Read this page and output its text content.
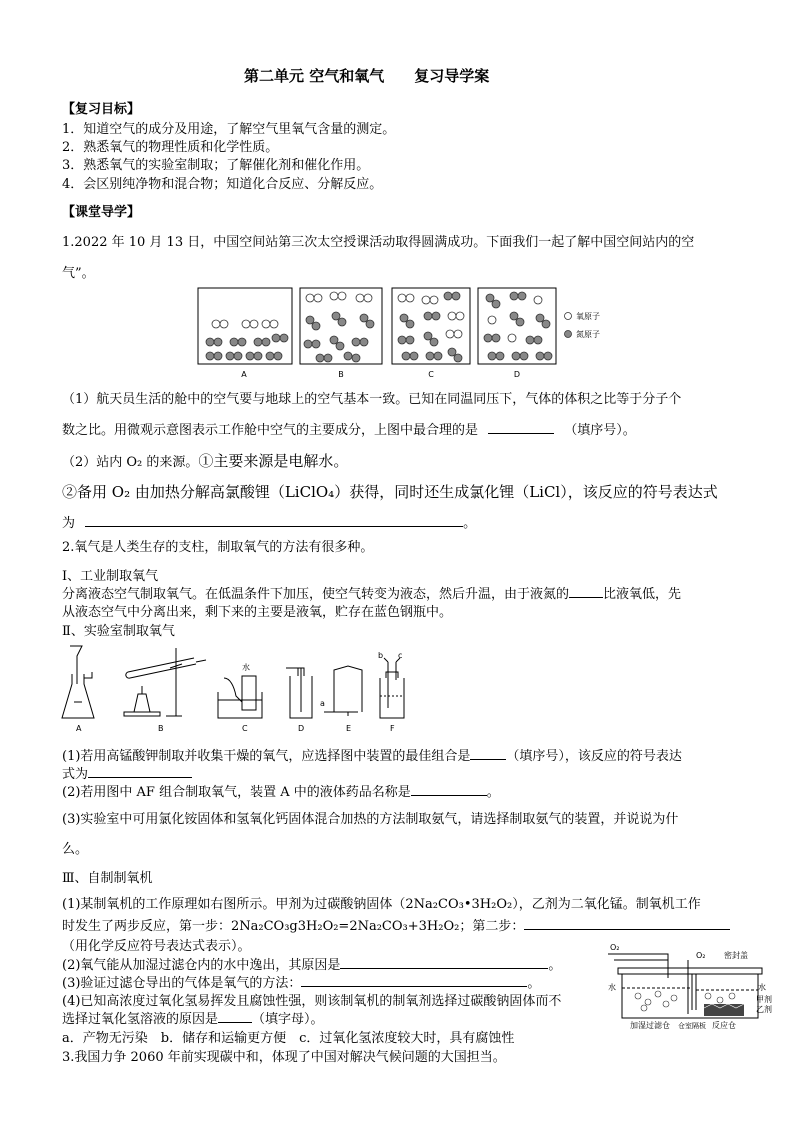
第二单元 空气和氧气　　复习导学案
【复习目标】
1．知道空气的成分及用途，了解空气里氧气含量的测定。
2．熟悉氧气的物理性质和化学性质。
3．熟悉氧气的实验室制取；了解催化剂和催化作用。
4．会区别纯净物和混合物；知道化合反应、分解反应。
【课堂导学】
1.2022 年 10 月 13 日，中国空间站第三次太空授课活动取得圆满成功。下面我们一起了解中国空间站内的空
气”。
A	B	C	D
氧原子
氮原子
（1）航天员生活的舱中的空气要与地球上的空气基本一致。已知在同温同压下，气体的体积之比等于分子个
数之比。用微观示意图表示工作舱中空气的主要成分，上图中最合理的是	（填序号）。
（2）站内 O₂ 的来源。①主要来源是电解水。
②备用 O₂ 由加热分解高氯酸锂（LiClO₄）获得，同时还生成氯化锂（LiCl），该反应的符号表达式
为	。
2.氧气是人类生存的支柱，制取氧气的方法有很多种。
Ⅰ、工业制取氧气
分离液态空气制取氧气。在低温条件下加压，使空气转变为液态，然后升温，由于液氮的	比液氧低，先
从液态空气中分离出来，剩下来的主要是液氧，贮存在蓝色钢瓶中。
Ⅱ、实验室制取氧气
水
a
b c
A	B	C	D	E	F
(1)若用高锰酸钾制取并收集干燥的氧气，应选择图中装置的最佳组合是	（填序号），该反应的符号表达
式为
(2)若用图中 AF 组合制取氧气，装置 A 中的液体药品名称是	。
(3)实验室中可用氯化铵固体和氢氧化钙固体混合加热的方法制取氨气，请选择制取氨气的装置，并说说为什
么。
Ⅲ、自制制氧机
(1)某制氧机的工作原理如右图所示。甲剂为过碳酸钠固体（2Na₂CO₃•3H₂O₂），乙剂为二氧化锰。制氧机工作
时发生了两步反应，第一步：2Na₂CO₃g3H₂O₂=2Na₂CO₃+3H₂O₂；第二步：
（用化学反应符号表达式表示）。
(2)氧气能从加湿过滤仓内的水中逸出，其原因是	。
(3)验证过滤仓导出的气体是氧气的方法：	。
(4)已知高浓度过氧化氢易挥发且腐蚀性强，则该制氧机的制氧剂选择过碳酸钠固体而不
选择过氧化氢溶液的原因是	（填字母）。
a．产物无污染　b．储存和运输更方便　c．过氧化氢浓度较大时，具有腐蚀性
3.我国力争 2060 年前实现碳中和，体现了中国对解决气候问题的大国担当。
O₂
O₂ 密封盖
水	水
甲剂
乙剂
加湿过滤仓 仓室隔板 反应仓
